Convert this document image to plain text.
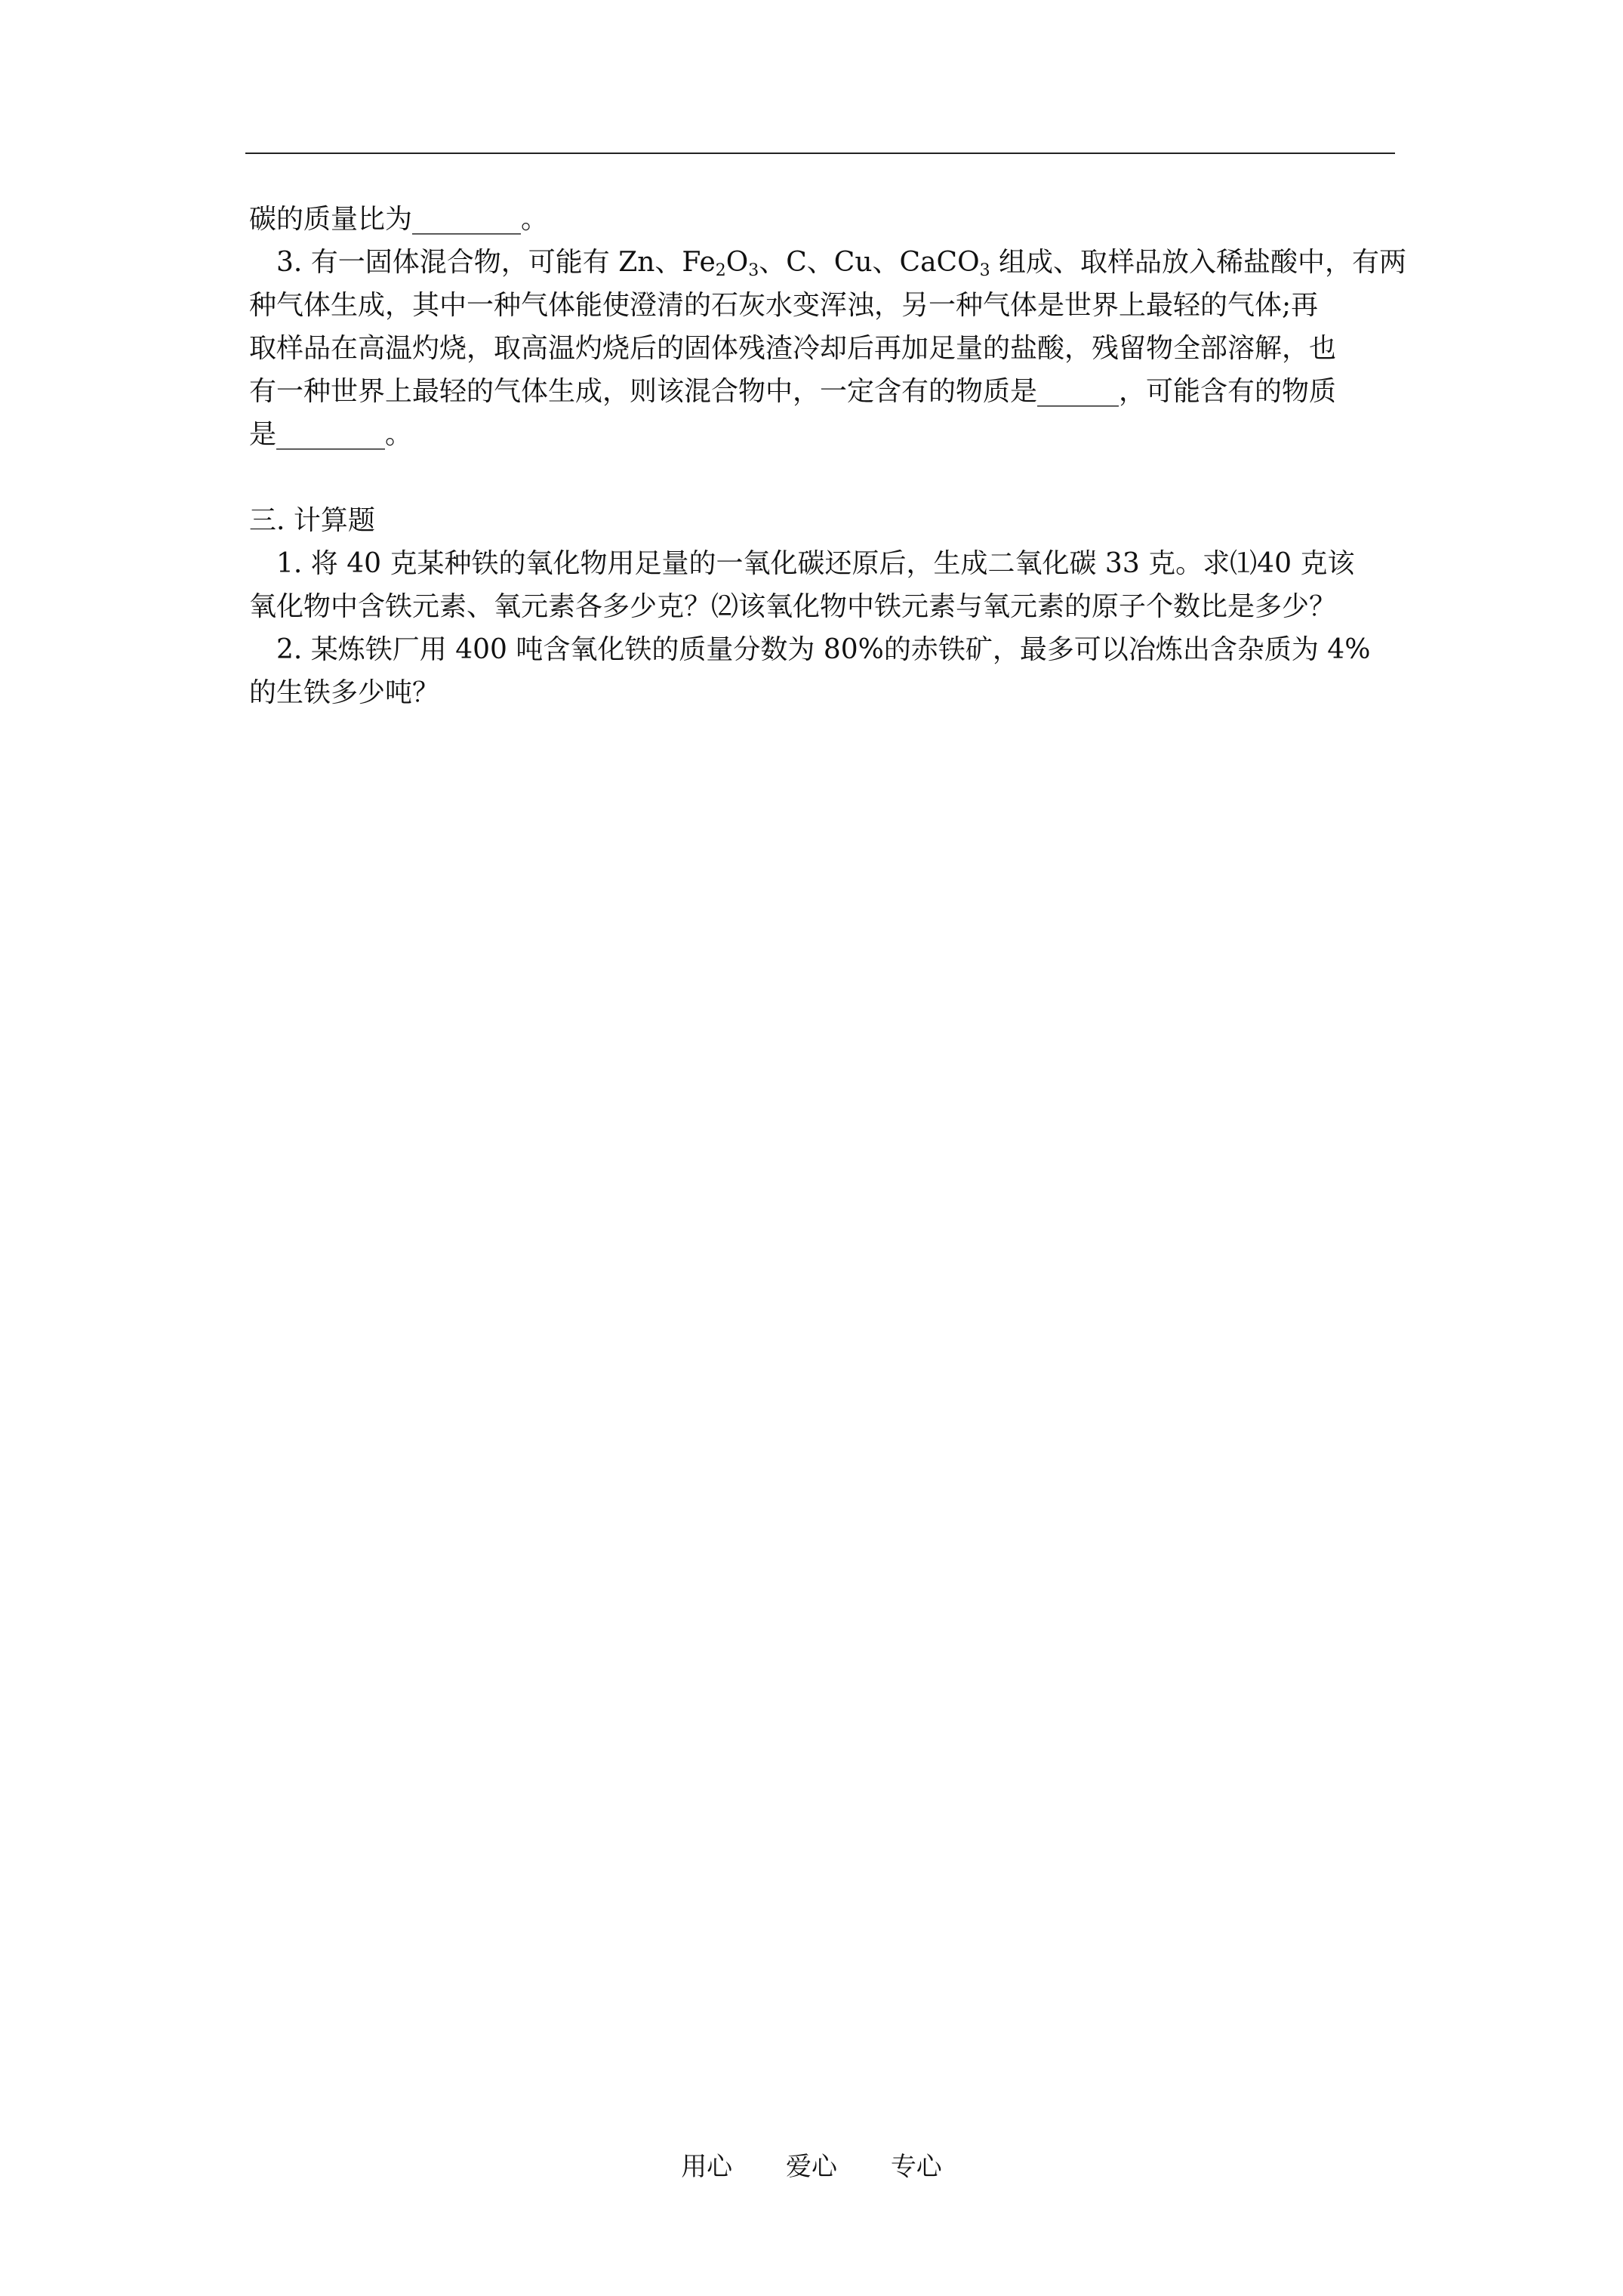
碳的质量比为________。

3. 有一固体混合物，可能有 Zn、$Fe_2O_3$、C、Cu、CaCO$_3$ 组成、取样品放入稀盐酸中，有两

种气体生成，其中一种气体能使澄清的石灰水变浑浊，另一种气体是世界上最轻的气体;再

取样品在高温灼烧，取高温灼烧后的固体残渣冷却后再加足量的盐酸，残留物全部溶解，也

有一种世界上最轻的气体生成，则该混合物中，一定含有的物质是______，可能含有的物质

是________。

三. 计算题

1. 将 40 克某种铁的氧化物用足量的一氧化碳还原后，生成二氧化碳 33 克。求⑴40 克该

氧化物中含铁元素、氧元素各多少克？⑵该氧化物中铁元素与氧元素的原子个数比是多少？

2. 某炼铁厂用 400 吨含氧化铁的质量分数为 80%的赤铁矿，最多可以冶炼出含杂质为 4%

的生铁多少吨？

用心 爱心 专心
